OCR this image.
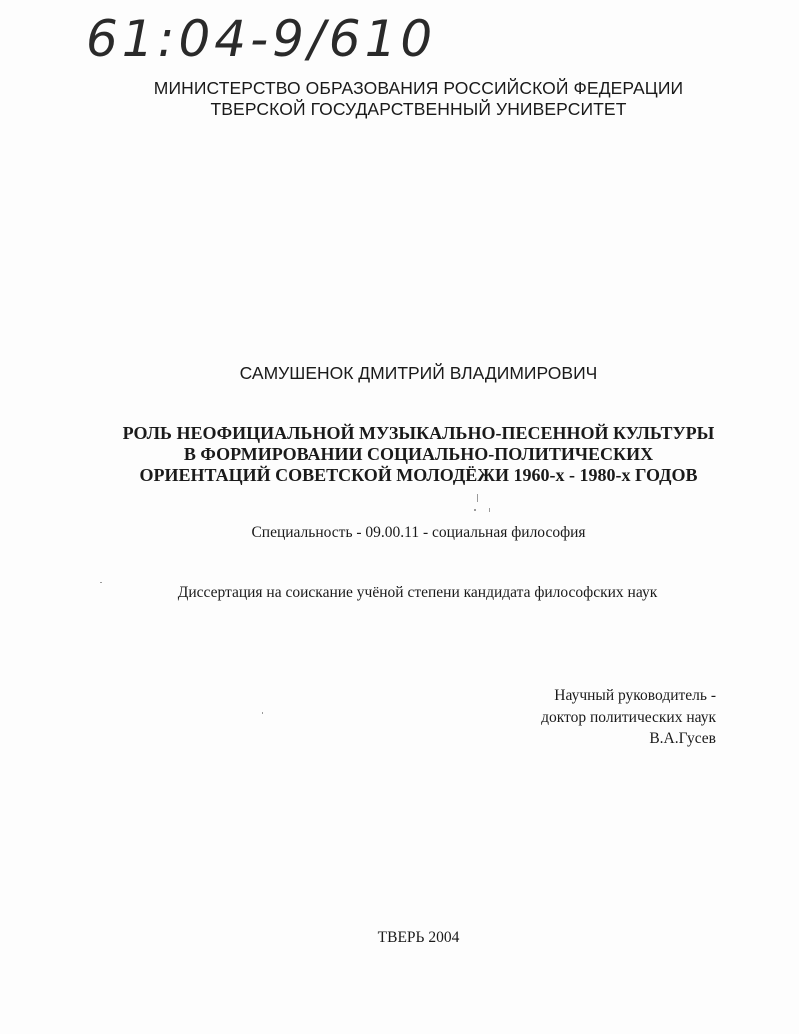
61:04-9/610
МИНИСТЕРСТВО ОБРАЗОВАНИЯ РОССИЙСКОЙ ФЕДЕРАЦИИ
ТВЕРСКОЙ ГОСУДАРСТВЕННЫЙ УНИВЕРСИТЕТ
САМУШЕНОК ДМИТРИЙ ВЛАДИМИРОВИЧ
РОЛЬ НЕОФИЦИАЛЬНОЙ МУЗЫКАЛЬНО-ПЕСЕННОЙ КУЛЬТУРЫ
В ФОРМИРОВАНИИ СОЦИАЛЬНО-ПОЛИТИЧЕСКИХ
ОРИЕНТАЦИЙ СОВЕТСКОЙ МОЛОДЁЖИ 1960-х - 1980-х ГОДОВ
Специальность - 09.00.11 - социальная философия
Диссертация на соискание учёной степени кандидата философских наук
Научный руководитель -
доктор политических наук
В.А.Гусев
ТВЕРЬ 2004
